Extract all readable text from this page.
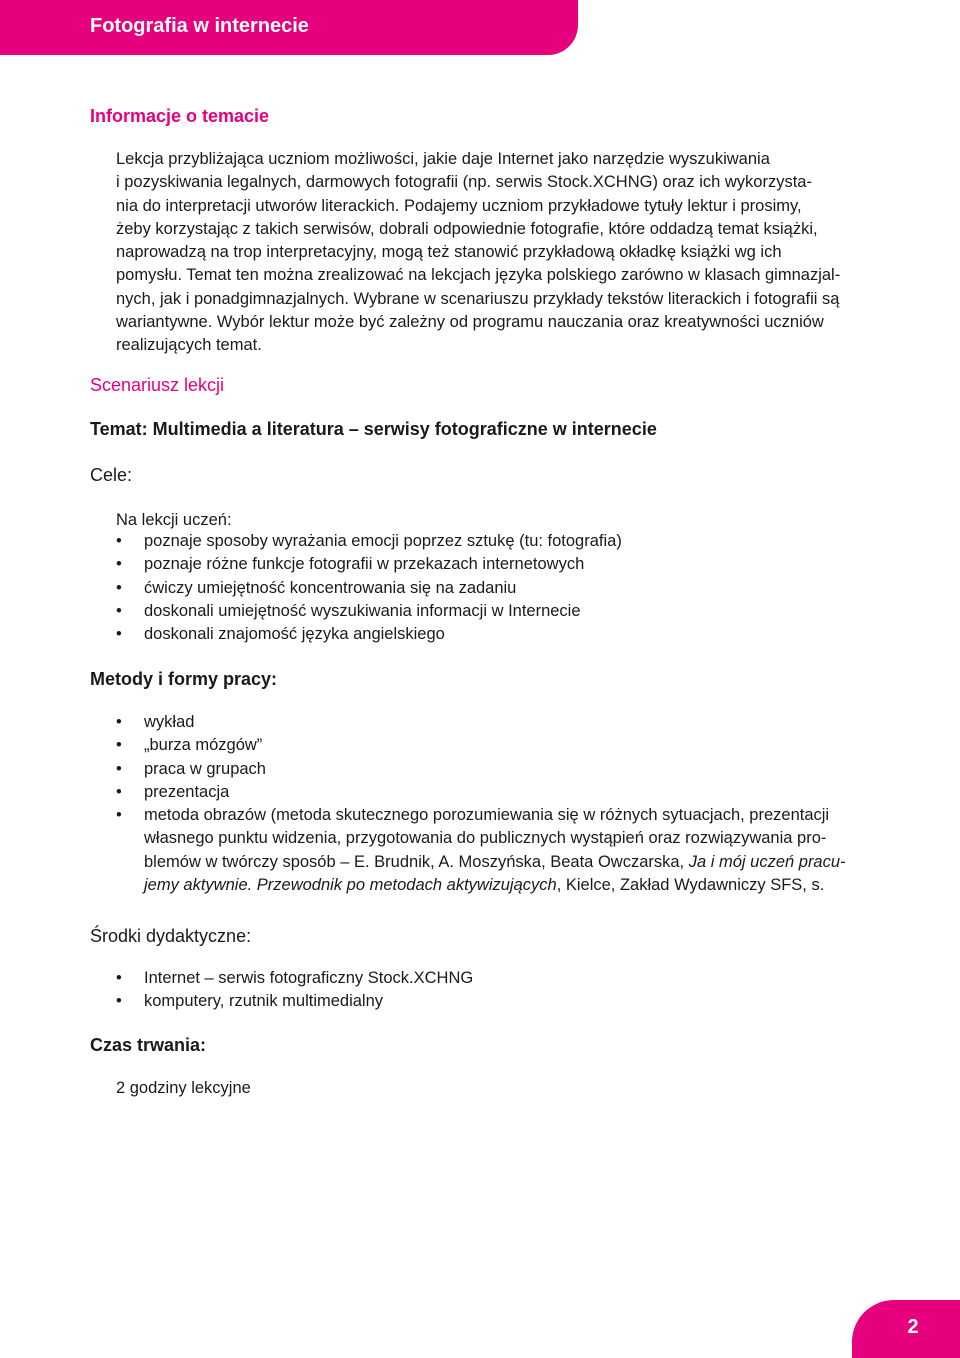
Fotografia w internecie
Informacje o temacie

Lekcja przybliżająca uczniom możliwości, jakie daje Internet jako narzędzie wyszukiwania
i pozyskiwania legalnych, darmowych fotografii (np. serwis Stock.XCHNG) oraz ich wykorzysta-
nia do interpretacji utworów literackich. Podajemy uczniom przykładowe tytuły lektur i prosimy,
żeby korzystając z takich serwisów, dobrali odpowiednie fotografie, które oddadzą temat książki,
naprowadzą na trop interpretacyjny, mogą też stanowić przykładową okładkę książki wg ich
pomysłu. Temat ten można zrealizować na lekcjach języka polskiego zarówno w klasach gimnazjal-
nych, jak i ponadgimnazjalnych. Wybrane w scenariuszu przykłady tekstów literackich i fotografii są
wariantywne. Wybór lektur może być zależny od programu nauczania oraz kreatywności uczniów
realizujących temat.

Scenariusz lekcji
Temat: Multimedia a literatura – serwisy fotograficzne w internecie
Cele:

Na lekcji uczeń:

• poznaje sposoby wyrażania emocji poprzez sztukę (tu: fotografia)
• poznaje różne funkcje fotografii w przekazach internetowych
• ćwiczy umiejętność koncentrowania się na zadaniu
• doskonali umiejętność wyszukiwania informacji w Internecie
• doskonali znajomość języka angielskiego
Metody i formy pracy:
• wykład
• „burza mózgów”
• praca w grupach
• prezentacja
• metoda obrazów (metoda skutecznego porozumiewania się w różnych sytuacjach, prezentacji
własnego punktu widzenia, przygotowania do publicznych wystąpień oraz rozwiązywania pro-
blemów w twórczy sposób – E. Brudnik, A. Moszyńska, Beata Owczarska, Ja i mój uczeń pracu-
jemy aktywnie. Przewodnik po metodach aktywizujących, Kielce, Zakład Wydawniczy SFS, s.
Środki dydaktyczne:
• Internet – serwis fotograficzny Stock.XCHNG
• komputery, rzutnik multimedialny
Czas trwania:

2 godziny lekcyjne

2
